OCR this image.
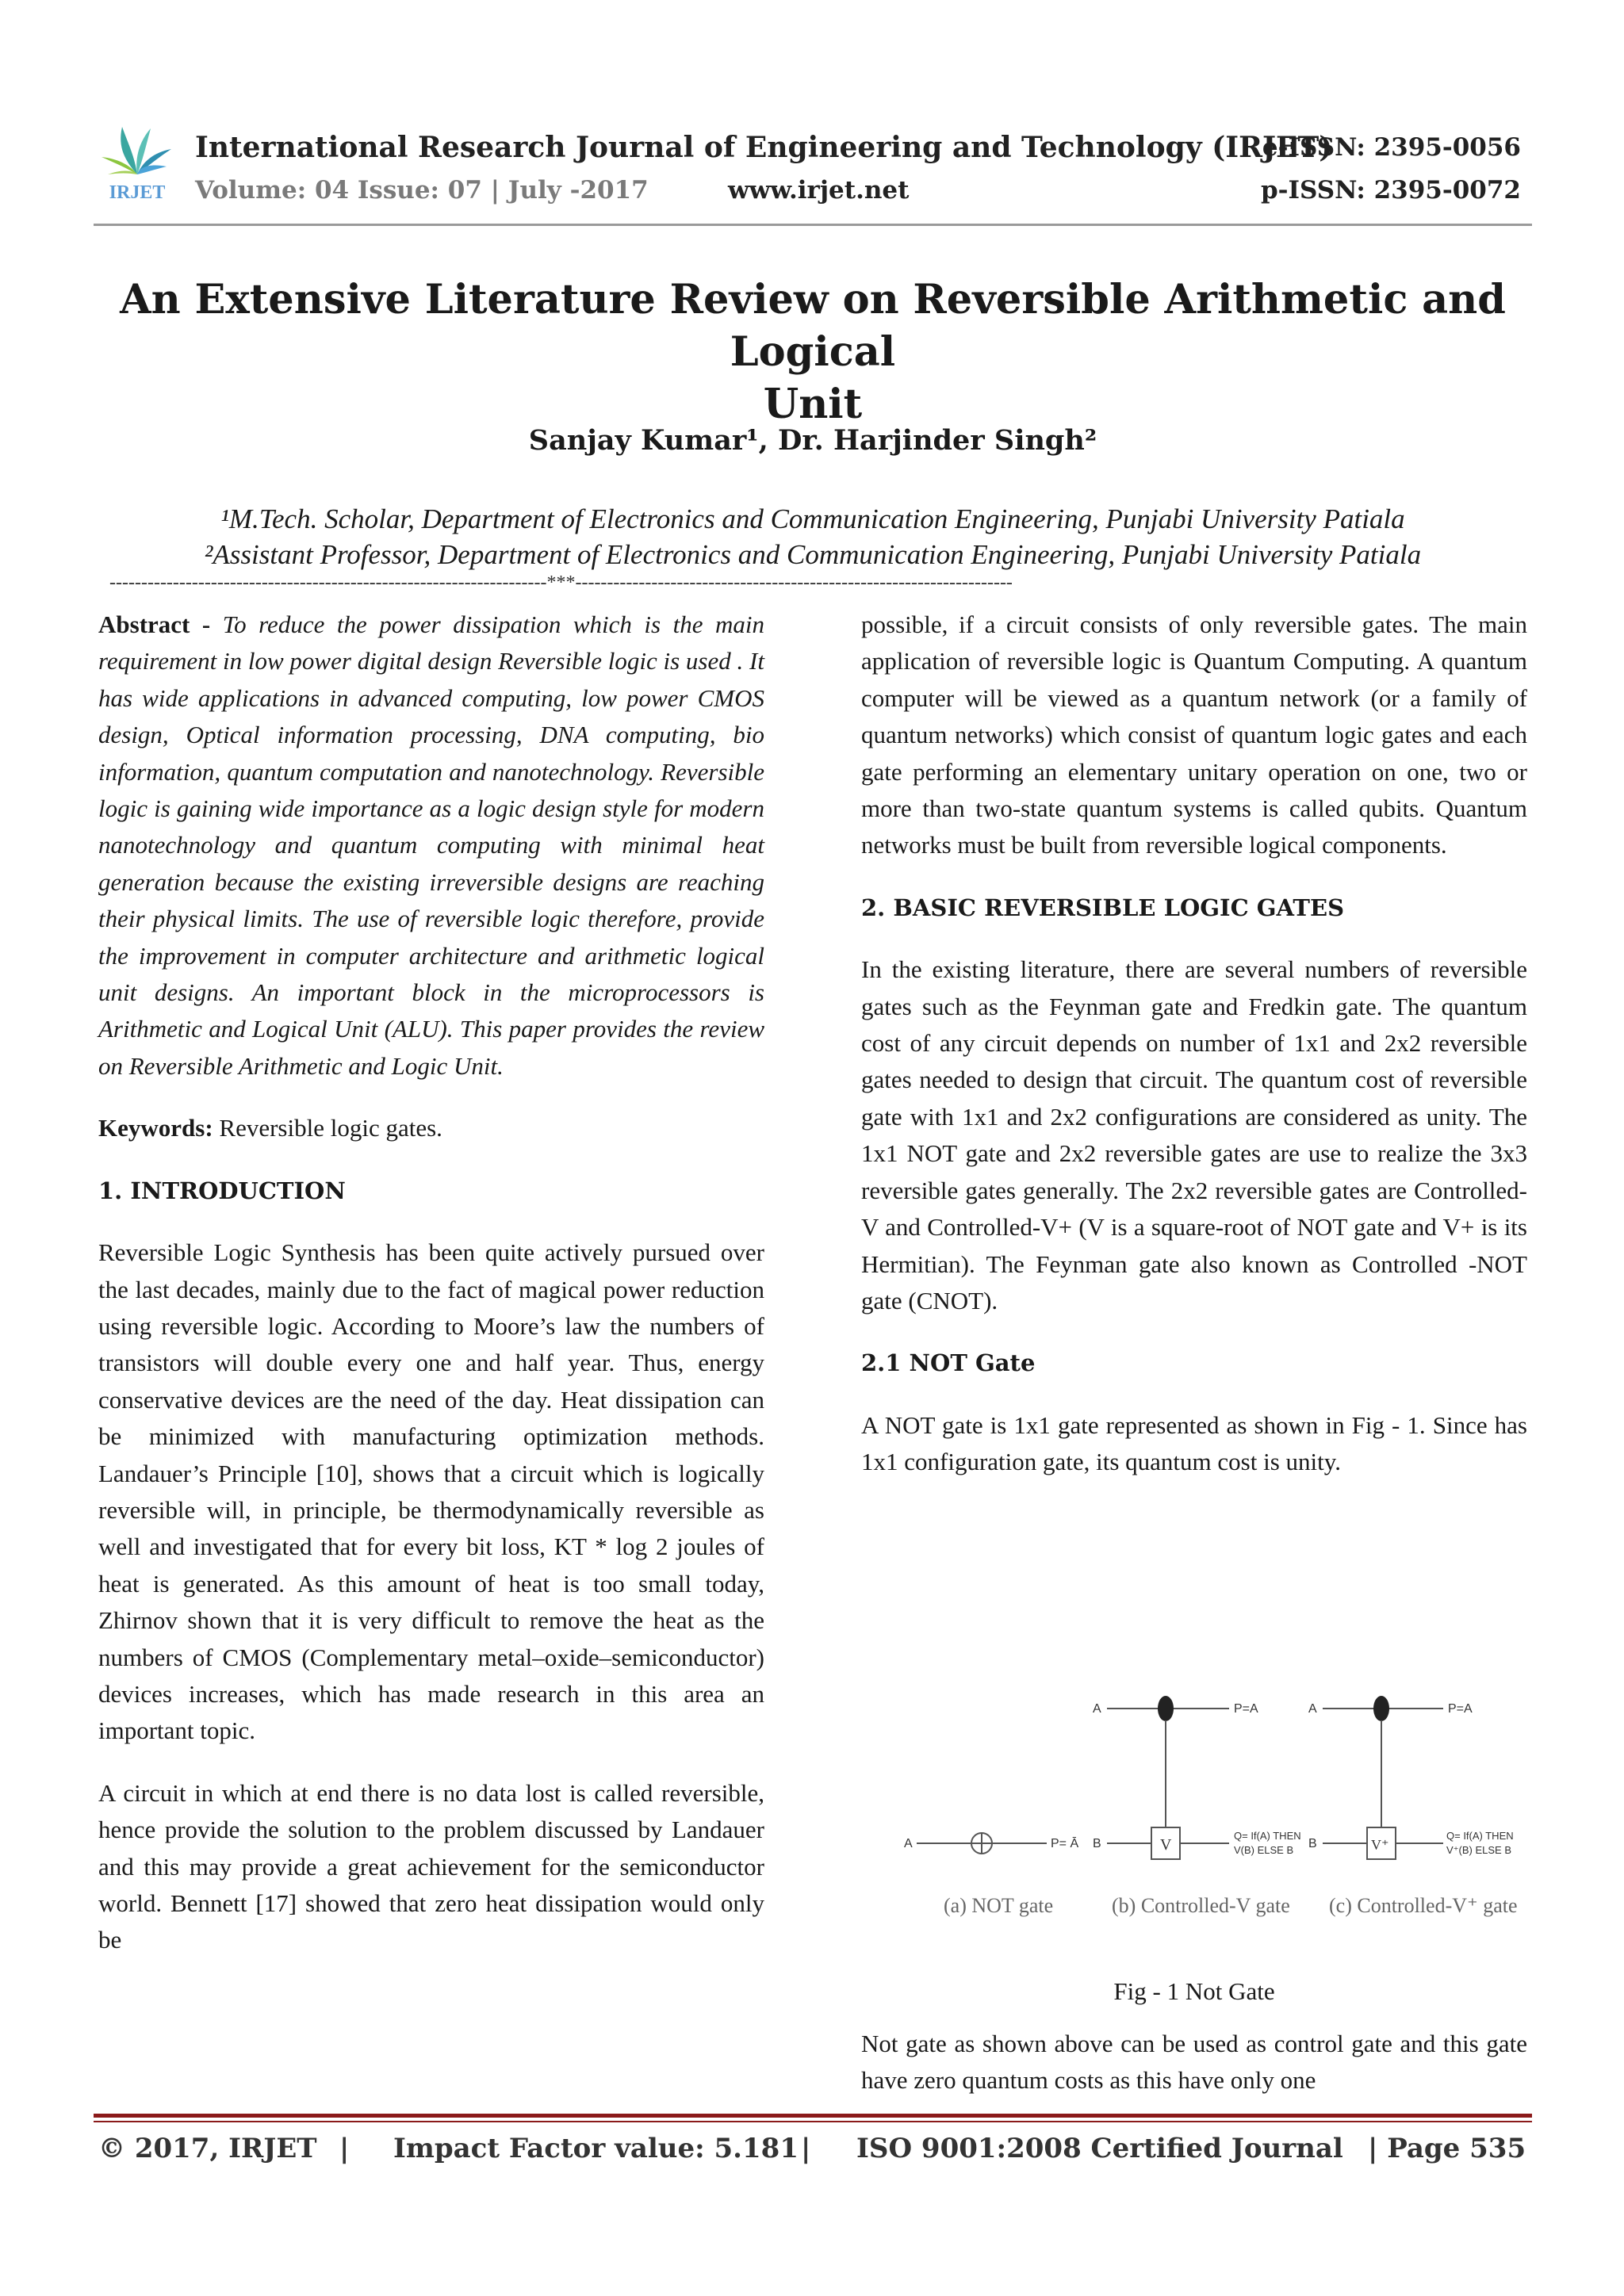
IRJET
International Research Journal of Engineering and Technology (IRJET)
e-ISSN: 2395-0056
Volume: 04 Issue: 07 | July -2017	www.irjet.net	p-ISSN: 2395-0072
An Extensive Literature Review on Reversible Arithmetic and Logical
Unit
Sanjay Kumar¹, Dr. Harjinder Singh²
¹M.Tech. Scholar, Department of Electronics and Communication Engineering, Punjabi University Patiala
²Assistant Professor, Department of Electronics and Communication Engineering, Punjabi University Patiala
---------------------------------------------------------------------***---------------------------------------------------------------------

Abstract - To reduce the power dissipation which is the main requirement in low power digital design Reversible logic is used . It has wide applications in advanced computing, low power CMOS design, Optical information processing, DNA computing, bio information, quantum computation and nanotechnology. Reversible logic is gaining wide importance as a logic design style for modern nanotechnology and quantum computing with minimal heat generation because the existing irreversible designs are reaching their physical limits. The use of reversible logic therefore, provide the improvement in computer architecture and arithmetic logical unit designs. An important block in the microprocessors is Arithmetic and Logical Unit (ALU). This paper provides the review on Reversible Arithmetic and Logic Unit.

Keywords: Reversible logic gates.

1. INTRODUCTION

Reversible Logic Synthesis has been quite actively pursued over the last decades, mainly due to the fact of magical power reduction using reversible logic. According to Moore’s law the numbers of transistors will double every one and half year. Thus, energy conservative devices are the need of the day. Heat dissipation can be minimized with manufacturing optimization methods. Landauer’s Principle [10], shows that a circuit which is logically reversible will, in principle, be thermodynamically reversible as well and investigated that for every bit loss, KT * log 2 joules of heat is generated. As this amount of heat is too small today, Zhirnov shown that it is very difficult to remove the heat as the numbers of CMOS (Complementary metal–oxide–semiconductor) devices increases, which has made research in this area an important topic.

A circuit in which at end there is no data lost is called reversible, hence provide the solution to the problem discussed by Landauer and this may provide a great achievement for the semiconductor world. Bennett [17] showed that zero heat dissipation would only be

possible, if a circuit consists of only reversible gates. The main application of reversible logic is Quantum Computing. A quantum computer will be viewed as a quantum network (or a family of quantum networks) which consist of quantum logic gates and each gate performing an elementary unitary operation on one, two or more than two-state quantum systems is called qubits. Quantum networks must be built from reversible logical components.

2. BASIC REVERSIBLE LOGIC GATES

In the existing literature, there are several numbers of reversible gates such as the Feynman gate and Fredkin gate. The quantum cost of any circuit depends on number of 1x1 and 2x2 reversible gates needed to design that circuit. The quantum cost of reversible gate with 1x1 and 2x2 configurations are considered as unity. The 1x1 NOT gate and 2x2 reversible gates are use to realize the 3x3 reversible gates generally. The 2x2 reversible gates are Controlled-V and Controlled-V+ (V is a square-root of NOT gate and V+ is its Hermitian). The Feynman gate also known as Controlled -NOT gate (CNOT).

2.1 NOT Gate

A NOT gate is 1x1 gate represented as shown in Fig - 1. Since has 1x1 configuration gate, its quantum cost is unity.

A	P= Ā
(a) NOT gate
A	P=A
B	V
Q= If(A) THEN
V(B) ELSE B
(b) Controlled-V gate
A	P=A
B	V⁺
Q= If(A) THEN
V⁺(B) ELSE B
(c) Controlled-V⁺ gate
Fig - 1 Not Gate
Not gate as shown above can be used as control gate and this gate have zero quantum costs as this have only one
© 2017, IRJET | Impact Factor value: 5.181 | ISO 9001:2008 Certified Journal | Page 535
